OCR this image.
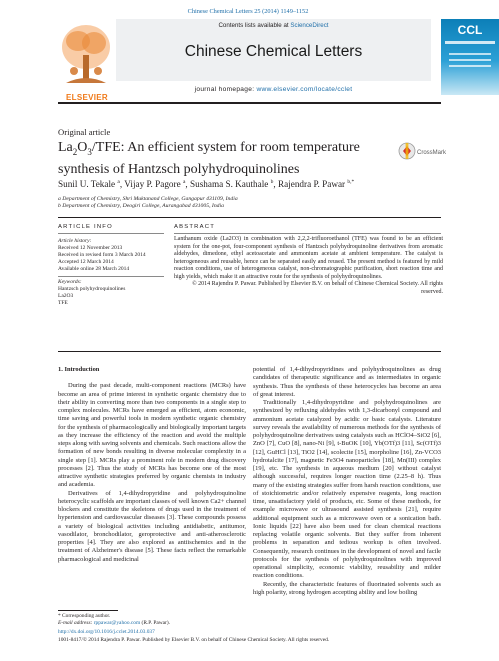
Chinese Chemical Letters 25 (2014) 1149–1152
ELSEVIER
Contents lists available at ScienceDirect
Chinese Chemical Letters
journal homepage: www.elsevier.com/locate/cclet
CCL
Original article
$La_2O_3$/TFE: An efficient system for room temperature synthesis of Hantzsch polyhydroquinolines
CrossMark
Sunil U. Tekale $^a$, Vijay P. Pagore $^a$, Sushama S. Kauthale $^b$, Rajendra P. Pawar $^{b,*}$
a Department of Chemistry, Shri Muktanand College, Gangapur 431109, India
b Department of Chemistry, Deogiri College, Aurangabad 431005, India
ARTICLE INFO	ABSTRACT
Article history:
Received 12 November 2013
Received in revised form 3 March 2014
Accepted 12 March 2014
Available online 28 March 2014
Keywords:
Hantzsch polyhydroquinolines
La2O3
TFE
Lanthanum oxide (La2O3) in combination with 2,2,2-trifluoroethanol (TFE) was found to be an efficient system for the one-pot, four-component synthesis of Hantzsch polyhydroquinoline derivatives from aromatic aldehydes, dimedone, ethyl acetoacetate and ammonium acetate at ambient temperature. The catalyst is heterogeneous and reusable, hence can be separated easily and reused. The present method is featured by mild reaction conditions, use of heterogeneous catalyst, non-chromatographic purification, short reaction time and high yields, which make it an attractive route for the synthesis of polyhydroquinolines.
© 2014 Rajendra P. Pawar. Published by Elsevier B.V. on behalf of Chinese Chemical Society. All rights reserved.

1. Introduction

During the past decade, multi-component reactions (MCRs) have become an area of prime interest in synthetic organic chemistry due to their ability in converting more than two components in a single step to complex molecules. MCRs have emerged as efficient, atom economic, time saving and powerful tools in modern synthetic organic chemistry for the synthesis of pharmacologically and biologically important targets as they increase the efficiency of the reaction and avoid the multiple steps along with saving solvents and chemicals. Such reactions allow the formation of new bonds resulting in diverse molecular complexity in a single step [1]. MCRs play a prominent role in modern drug discovery processes [2]. Thus the study of MCRs has become one of the most attractive synthetic strategies preferred by organic chemists in industry and academia.

Derivatives of 1,4-dihydropyridine and polyhydroquinoline heterocyclic scaffolds are important classes of well known Ca2+ channel blockers and constitute the skeletons of drugs used in the treatment of hypertension and cardiovascular diseases [3]. These compounds possess a variety of biological activities including antidiabetic, antitumor, vasodilator, bronchodilator, geroprotective and anti-atherosclerotic properties [4]. They are also explored as antiischemics and in the treatment of Alzheimer's disease [5]. These facts reflect the remarkable pharmacological and medicinal

potential of 1,4-dihydropyridines and polyhydroquinolines as drug candidates of therapeutic significance and as intermediates in organic synthesis. Thus the synthesis of these heterocycles has become an area of great interest.

Traditionally 1,4-dihydropyridine and polyhydroquinolines are synthesized by refluxing aldehydes with 1,3-dicarbonyl compound and ammonium acetate catalyzed by acidic or basic catalysts. Literature survey reveals the availability of numerous methods for the synthesis of polyhydroquinoline derivatives using catalysts such as HClO4–SiO2 [6], ZnO [7], CuO [8], nano-Ni [9], t-BuOK [10], Yb(OTf)3 [11], Sc(OTf)3 [12], GuHCl [13], TiO2 [14], scolecite [15], morpholine [16], Zn-VCO3 hydrotalcite [17], magnetic Fe3O4 nanoparticles [18], Mn(III) complex [19], etc. The synthesis in aqueous medium [20] without catalyst although successful, requires longer reaction time (2.25–8 h). Thus many of the existing strategies suffer from harsh reaction conditions, use of stoichiometric and/or relatively expensive reagents, long reaction time, unsatisfactory yield of products, etc. Some of these methods, for example microwave or ultrasound assisted synthesis [21], require additional equipment such as a microwave oven or a sonication bath. Ionic liquids [22] have also been used for clean chemical reactions replacing volatile organic solvents. But they suffer from inherent problems in separation and tedious workup is often involved. Consequently, research continues in the development of novel and facile protocols for the synthesis of polyhydroquinolines with improved operational simplicity, economic viability, reusability and milder reaction conditions.

Recently, the characteristic features of fluorinated solvents such as high polarity, strong hydrogen accepting ability and low boiling

* Corresponding author.
E-mail address: rppawar@yahoo.com (R.P. Pawar).
http://dx.doi.org/10.1016/j.cclet.2014.03.037
1001-8417/© 2014 Rajendra P. Pawar. Published by Elsevier B.V. on behalf of Chinese Chemical Society. All rights reserved.
